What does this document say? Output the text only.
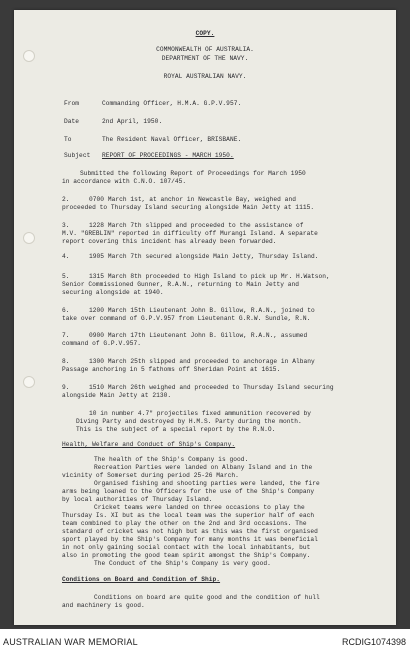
COPY.
COMMONWEALTH OF AUSTRALIA.
DEPARTMENT OF THE NAVY.
ROYAL AUSTRALIAN NAVY.
From	Commanding Officer, H.M.A. G.P.V.957.
Date	2nd April, 1950.
To	The Resident Naval Officer, BRISBANE.
Subject REPORT OF PROCEEDINGS - MARCH 1950.
Submitted the following Report of Proceedings for March 1950
in accordance with C.N.O. 107/45.
2.	0700 March 1st, at anchor in Newcastle Bay, weighed and
proceeded to Thursday Island securing alongside Main Jetty at 1115.
3.	1228 March 7th slipped and proceeded to the assistance of
M.V. "GREBLIN" reported in difficulty off Murangi Island. A separate
report covering this incident has already been forwarded.
4.	1905 March 7th secured alongside Main Jetty, Thursday Island.
5.	1315 March 8th proceeded to High Island to pick up Mr. H.Watson,
Senior Commissioned Gunner, R.A.N., returning to Main Jetty and
securing alongside at 1940.
6.	1200 March 15th Lieutenant John B. Gillow, R.A.N., joined to
take over command of G.P.V.957 from Lieutenant G.R.W. Sundle, R.N.
7.	0900 March 17th Lieutenant John B. Gillow, R.A.N., assumed
command of G.P.V.957.
8.	1300 March 25th slipped and proceeded to anchorage in Albany
Passage anchoring in 5 fathoms off Sheridan Point at 1615.
9.	1510 March 26th weighed and proceeded to Thursday Island securing
alongside Main Jetty at 2130.
10 in number 4.7" projectiles fixed ammunition recovered by
Diving Party and destroyed by H.M.S. Party during the month.
This is the subject of a special report by the R.N.O.
Health, Welfare and Conduct of Ship's Company.
The health of the Ship's Company is good.
Recreation Parties were landed on Albany Island and in the
vicinity of Somerset during period 25-26 March.
Organised fishing and shooting parties were landed, the fire
arms being loaned to the Officers for the use of the Ship's Company
by local authorities of Thursday Island.
Cricket teams were landed on three occasions to play the
Thursday Is. XI but as the local team was the superior half of each
team combined to play the other on the 2nd and 3rd occasions. The
standard of cricket was not high but as this was the first organised
sport played by the Ship's Company for many months it was beneficial
in not only gaining social contact with the local inhabitants, but
also in promoting the good team spirit amongst the Ship's Company.
The Conduct of the Ship's Company is very good.
Conditions on Board and Condition of Ship.
Conditions on board are quite good and the condition of hull
and machinery is good.
AUSTRALIAN WAR MEMORIAL	RCDIG1074398
